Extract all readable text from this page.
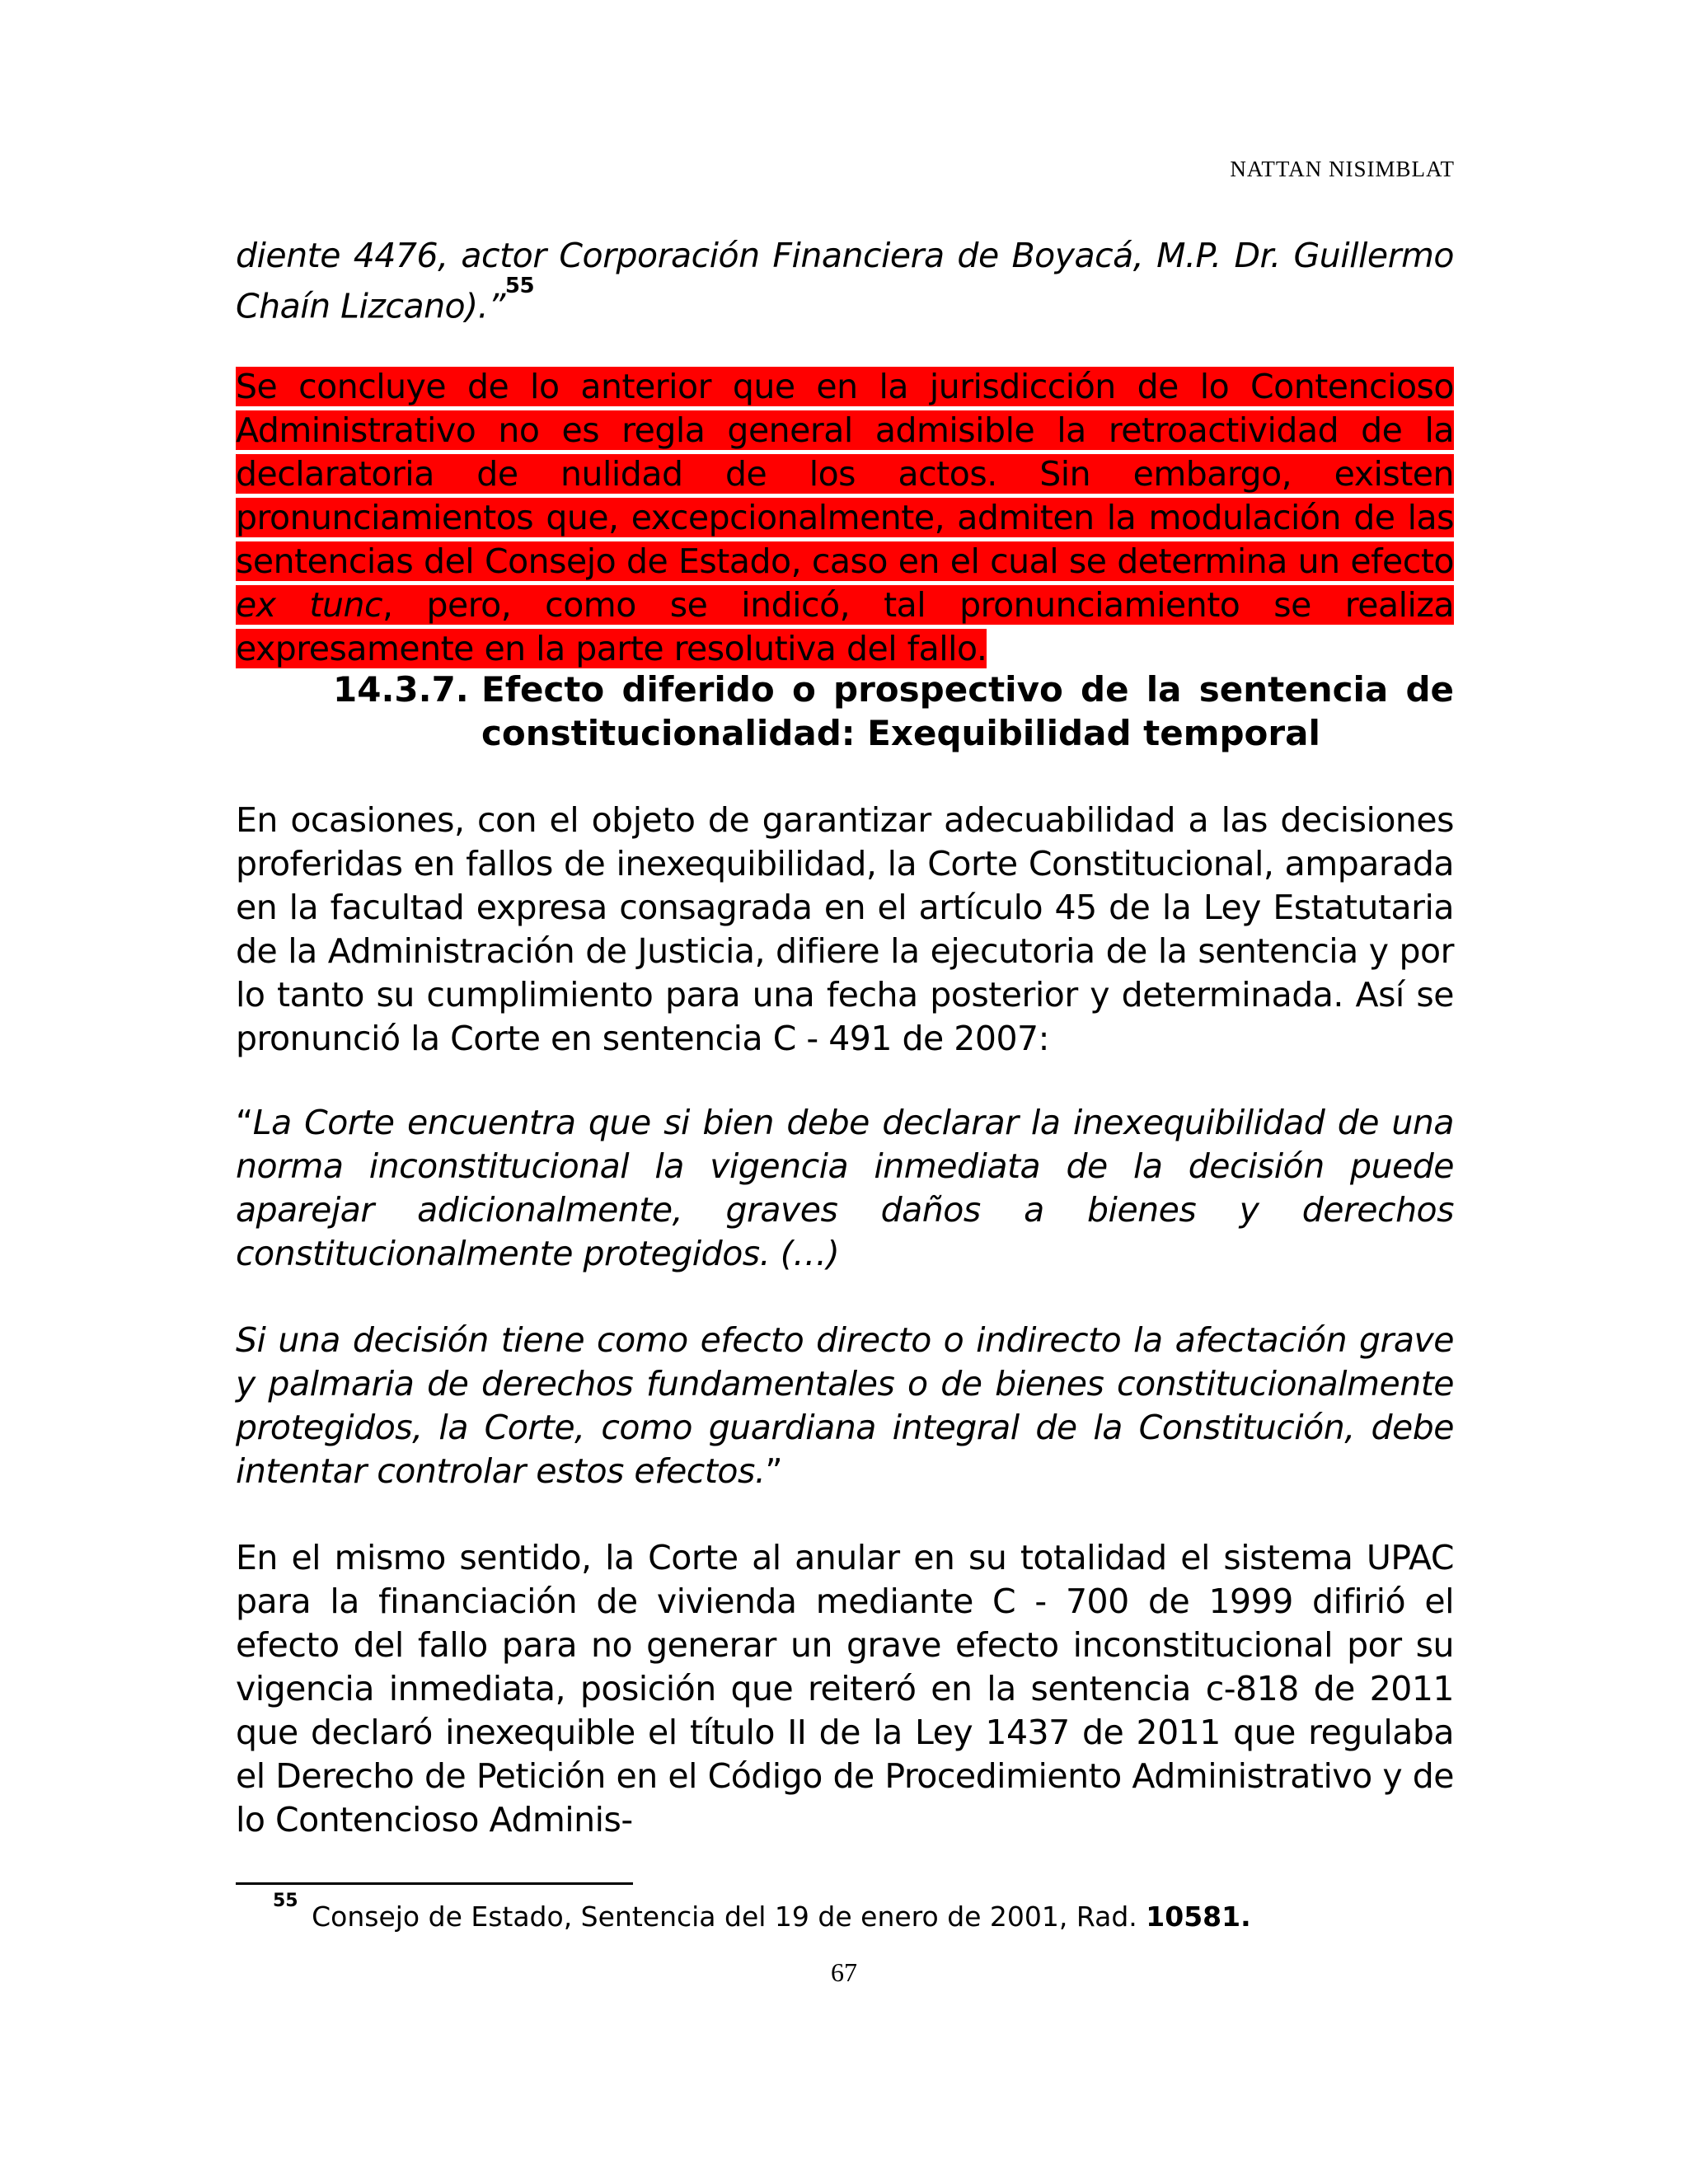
NATTAN NISIMBLAT

diente 4476, actor Corporación Financiera de Boyacá, M.P. Dr. Guillermo Chaín Lizcano).”$^{55}$

Se concluye de lo anterior que en la jurisdicción de lo Contencioso Administrativo no es regla general admisible la retroactividad de la declaratoria de nulidad de los actos. Sin embargo, existen pronunciamientos que, excepcionalmente, admiten la modulación de las sentencias del Consejo de Estado, caso en el cual se determina un efecto ex tunc, pero, como se indicó, tal pronunciamiento se realiza expresamente en la parte resolutiva del fallo.

14.3.7. Efecto diferido o prospectivo de la sentencia de constitucionalidad: Exequibilidad temporal

En ocasiones, con el objeto de garantizar adecuabilidad a las decisiones proferidas en fallos de inexequibilidad, la Corte Constitucional, amparada en la facultad expresa consagrada en el artículo 45 de la Ley Estatutaria de la Administración de Justicia, difiere la ejecutoria de la sentencia y por lo tanto su cumplimiento para una fecha posterior y determinada. Así se pronunció la Corte en sentencia C - 491 de 2007:

“La Corte encuentra que si bien debe declarar la inexequibilidad de una norma inconstitucional la vigencia inmediata de la decisión puede aparejar adicionalmente, graves daños a bienes y derechos constitucionalmente protegidos. (…)

Si una decisión tiene como efecto directo o indirecto la afectación grave y palmaria de derechos fundamentales o de bienes constitucionalmente protegidos, la Corte, como guardiana integral de la Constitución, debe intentar controlar estos efectos.”

En el mismo sentido, la Corte al anular en su totalidad el sistema UPAC para la financiación de vivienda mediante C - 700 de 1999 difirió el efecto del fallo para no generar un grave efecto inconstitucional por su vigencia inmediata, posición que reiteró en la sentencia c-818 de 2011 que declaró inexequible el título II de la Ley 1437 de 2011 que regulaba el Derecho de Petición en el Código de Procedimiento Administrativo y de lo Contencioso Adminis-

$^{55}$ Consejo de Estado, Sentencia del 19 de enero de 2001, Rad. 10581.
67
